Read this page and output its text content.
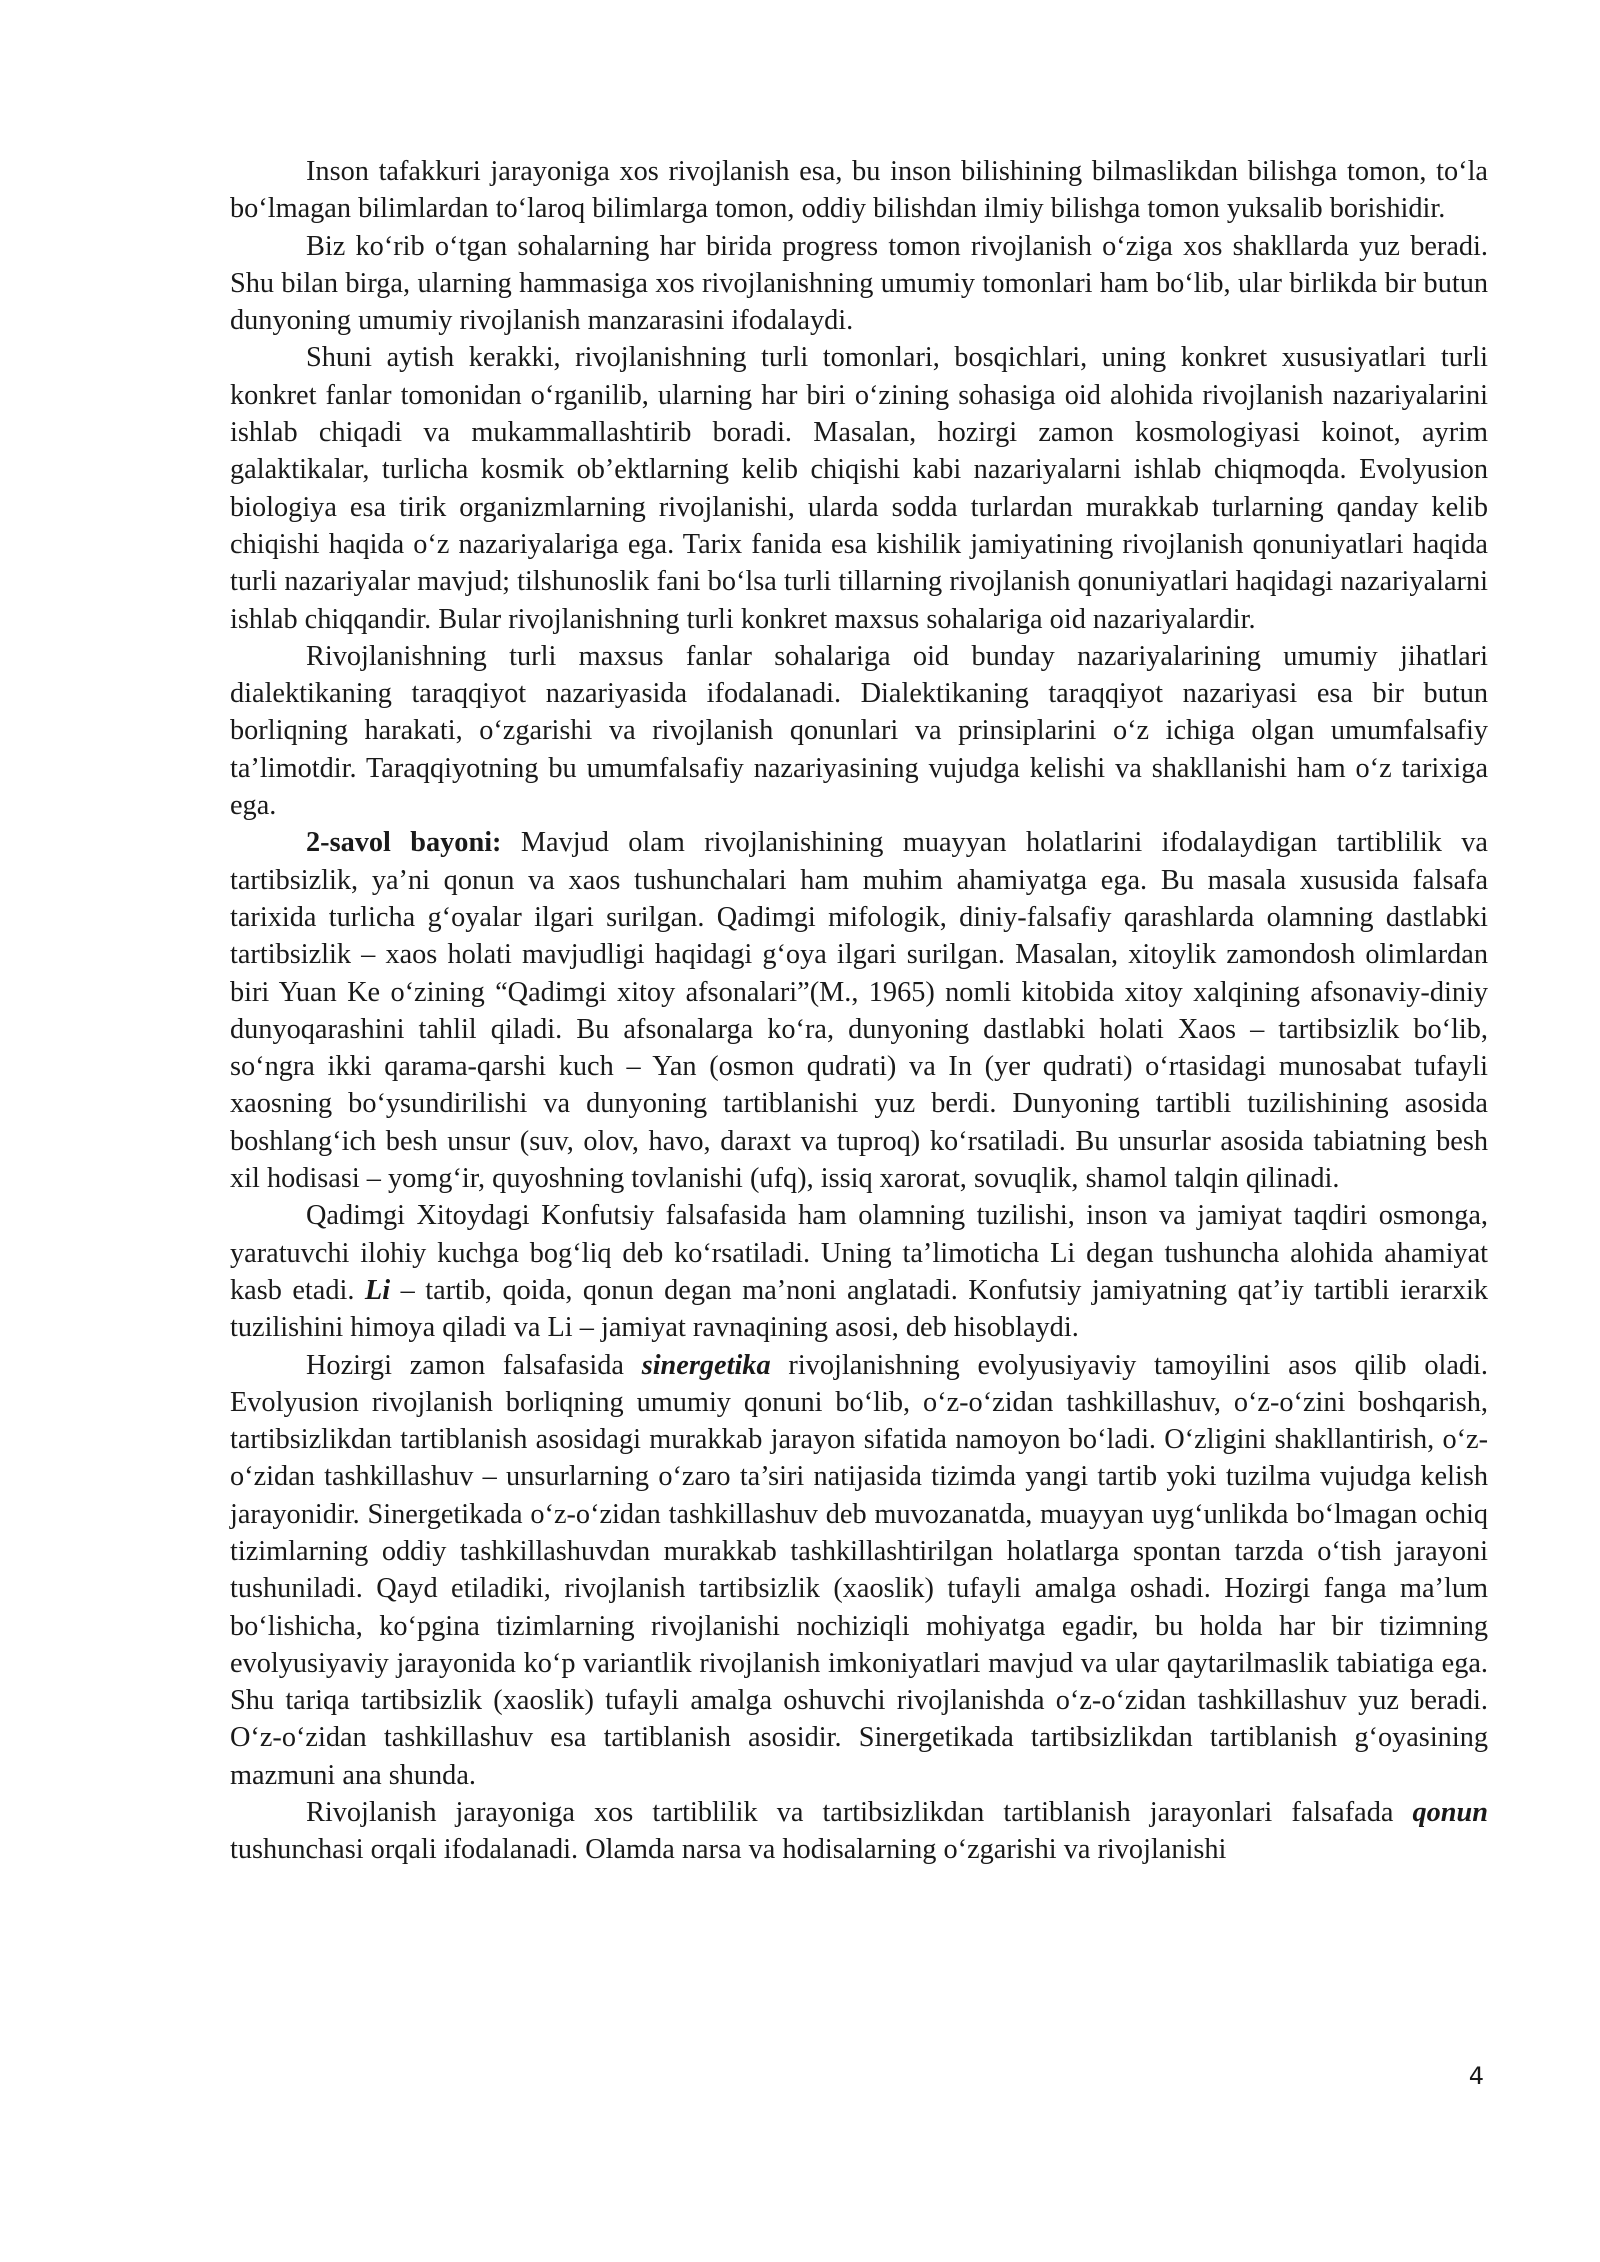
Inson tafakkuri jarayoniga xos rivojlanish esa, bu inson bilishining bilmaslikdan bilishga tomon, to‘la bo‘lmagan bilimlardan to‘laroq bilimlarga tomon, oddiy bilishdan ilmiy bilishga tomon yuksalib borishidir.

Biz ko‘rib o‘tgan sohalarning har birida progress tomon rivojlanish o‘ziga xos shakllarda yuz beradi. Shu bilan birga, ularning hammasiga xos rivojlanishning umumiy tomonlari ham bo‘lib, ular birlikda bir butun dunyoning umumiy rivojlanish manzarasini ifodalaydi.

Shuni aytish kerakki, rivojlanishning turli tomonlari, bosqichlari, uning konkret xususiyatlari turli konkret fanlar tomonidan o‘rganilib, ularning har biri o‘zining sohasiga oid alohida rivojlanish nazariyalarini ishlab chiqadi va mukammallashtirib boradi. Masalan, hozirgi zamon kosmologiyasi koinot, ayrim galaktikalar, turlicha kosmik ob’ektlarning kelib chiqishi kabi nazariyalarni ishlab chiqmoqda. Evolyusion biologiya esa tirik organizmlarning rivojlanishi, ularda sodda turlardan murakkab turlarning qanday kelib chiqishi haqida o‘z nazariyalariga ega. Tarix fanida esa kishilik jamiyatining rivojlanish qonuniyatlari haqida turli nazariyalar mavjud; tilshunoslik fani bo‘lsa turli tillarning rivojlanish qonuniyatlari haqidagi nazariyalarni ishlab chiqqandir. Bular rivojlanishning turli konkret maxsus sohalariga oid nazariyalardir.

Rivojlanishning turli maxsus fanlar sohalariga oid bunday nazariyalarining umumiy jihatlari dialektikaning taraqqiyot nazariyasida ifodalanadi. Dialektikaning taraqqiyot nazariyasi esa bir butun borliqning harakati, o‘zgarishi va rivojlanish qonunlari va prinsiplarini o‘z ichiga olgan umumfalsafiy ta’limotdir. Taraqqiyotning bu umumfalsafiy nazariyasining vujudga kelishi va shakllanishi ham o‘z tarixiga ega.

2-savol bayoni: Mavjud olam rivojlanishining muayyan holatlarini ifodalaydigan tartiblilik va tartibsizlik, ya’ni qonun va xaos tushunchalari ham muhim ahamiyatga ega. Bu masala xususida falsafa tarixida turlicha g‘oyalar ilgari surilgan. Qadimgi mifologik, diniy-falsafiy qarashlarda olamning dastlabki tartibsizlik – xaos holati mavjudligi haqidagi g‘oya ilgari surilgan. Masalan, xitoylik zamondosh olimlardan biri Yuan Ke o‘zining “Qadimgi xitoy afsonalari”(M., 1965) nomli kitobida xitoy xalqining afsonaviy-diniy dunyoqarashini tahlil qiladi. Bu afsonalarga ko‘ra, dunyoning dastlabki holati Xaos – tartibsizlik bo‘lib, so‘ngra ikki qarama-qarshi kuch – Yan (osmon qudrati) va In (yer qudrati) o‘rtasidagi munosabat tufayli xaosning bo‘ysundirilishi va dunyoning tartiblanishi yuz berdi. Dunyoning tartibli tuzilishining asosida boshlang‘ich besh unsur (suv, olov, havo, daraxt va tuproq) ko‘rsatiladi. Bu unsurlar asosida tabiatning besh xil hodisasi – yomg‘ir, quyoshning tovlanishi (ufq), issiq xarorat, sovuqlik, shamol talqin qilinadi.

Qadimgi Xitoydagi Konfutsiy falsafasida ham olamning tuzilishi, inson va jamiyat taqdiri osmonga, yaratuvchi ilohiy kuchga bog‘liq deb ko‘rsatiladi. Uning ta’limoticha Li degan tushuncha alohida ahamiyat kasb etadi. Li – tartib, qoida, qonun degan ma’noni anglatadi. Konfutsiy jamiyatning qat’iy tartibli ierarxik tuzilishini himoya qiladi va Li – jamiyat ravnaqining asosi, deb hisoblaydi.

Hozirgi zamon falsafasida sinergetika rivojlanishning evolyusiyaviy tamoyilini asos qilib oladi. Evolyusion rivojlanish borliqning umumiy qonuni bo‘lib, o‘z-o‘zidan tashkillashuv, o‘z-o‘zini boshqarish, tartibsizlikdan tartiblanish asosidagi murakkab jarayon sifatida namoyon bo‘ladi. O‘zligini shakllantirish, o‘z-o‘zidan tashkillashuv – unsurlarning o‘zaro ta’siri natijasida tizimda yangi tartib yoki tuzilma vujudga kelish jarayonidir. Sinergetikada o‘z-o‘zidan tashkillashuv deb muvozanatda, muayyan uyg‘unlikda bo‘lmagan ochiq tizimlarning oddiy tashkillashuvdan murakkab tashkillashtirilgan holatlarga spontan tarzda o‘tish jarayoni tushuniladi. Qayd etiladiki, rivojlanish tartibsizlik (xaoslik) tufayli amalga oshadi. Hozirgi fanga ma’lum bo‘lishicha, ko‘pgina tizimlarning rivojlanishi nochiziqli mohiyatga egadir, bu holda har bir tizimning evolyusiyaviy jarayonida ko‘p variantlik rivojlanish imkoniyatlari mavjud va ular qaytarilmaslik tabiatiga ega. Shu tariqa tartibsizlik (xaoslik) tufayli amalga oshuvchi rivojlanishda o‘z-o‘zidan tashkillashuv yuz beradi. O‘z-o‘zidan tashkillashuv esa tartiblanish asosidir. Sinergetikada tartibsizlikdan tartiblanish g‘oyasining mazmuni ana shunda.

Rivojlanish jarayoniga xos tartiblilik va tartibsizlikdan tartiblanish jarayonlari falsafada qonun tushunchasi orqali ifodalanadi. Olamda narsa va hodisalarning o‘zgarishi va rivojlanishi

4
